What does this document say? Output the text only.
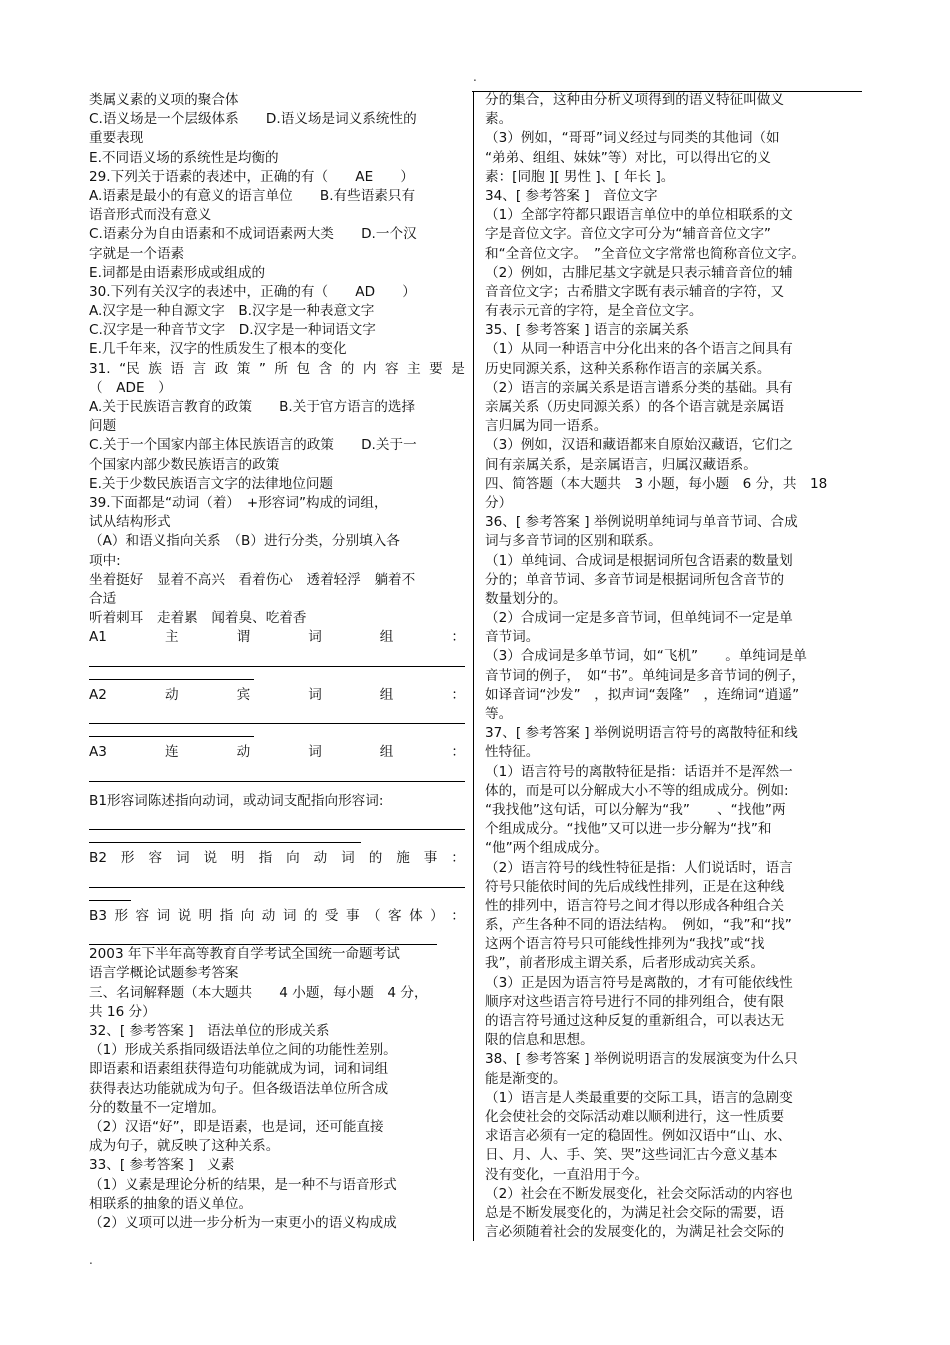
.
类属义素的义项的聚合体
C.语义场是一个层级体系　　D.语义场是词义系统性的
重要表现
E.不同语义场的系统性是均衡的
29.下列关于语素的表述中，正确的有（　　AE　　）
A.语素是最小的有意义的语言单位　　B.有些语素只有
语音形式而没有意义
C.语素分为自由语素和不成词语素两大类　　D.一个汉
字就是一个语素
E.词都是由语素形成或组成的
30.下列有关汉字的表述中，正确的有（　　AD　　）
A.汉字是一种自源文字　B.汉字是一种表意文字
C.汉字是一种音节文字　D.汉字是一种词语文字
E.几千年来，汉字的性质发生了根本的变化
31. “民 族 语 言 政 策 ” 所 包 含 的 内 容 主 要 是
（　ADE　）
A.关于民族语言教育的政策　　B.关于官方语言的选择
问题
C.关于一个国家内部主体民族语言的政策　　D.关于一
个国家内部少数民族语言的政策
E.关于少数民族语言文字的法律地位问题
39.下面都是“动词（着）　+形容词”构成的词组，
试从结构形式
（A）和语义指向关系　（B）进行分类，分别填入各
项中:
坐着挺好　显着不高兴　看着伤心　透着轻浮　躺着不
合适
听着刺耳　走着累　闻着臭、吃着香
A1	主	谓	词	组	：
A2	动	宾	词	组	：
A3	连	动	词	组	：
B1形容词陈述指向动词，或动词支配指向形容词:
B2 形 容 词 说 明 指 向 动 词 的 施 事 ：
B3 形 容 词 说 明 指 向 动 词 的 受 事 （ 客 体 ） ：
2003 年下半年高等教育自学考试全国统一命题考试
语言学概论试题参考答案
三、名词解释题（本大题共　　4 小题，每小题　4 分，
共 16 分）
32、[ 参考答案 ]　语法单位的形成关系
（1）形成关系指同级语法单位之间的功能性差别。
即语素和语素组获得造句功能就成为词，词和词组
获得表达功能就成为句子。但各级语法单位所含成
分的数量不一定增加。
（2）汉语“好”，即是语素，也是词，还可能直接
成为句子，就反映了这种关系。
33、[ 参考答案 ]　义素
（1）义素是理论分析的结果，是一种不与语音形式
相联系的抽象的语义单位。
（2）义项可以进一步分析为一束更小的语义构成成
分的集合，这种由分析义项得到的语义特征叫做义
素。
（3）例如，“哥哥”词义经过与同类的其他词（如
“弟弟、组组、妹妹”等）对比，可以得出它的义
素：[同胞 ][ 男性 ]、[ 年长 ]。
34、[ 参考答案 ]　音位文字
（1）全部字符都只跟语言单位中的单位相联系的文
字是音位文字。音位文字可分为“辅音音位文字”
和“全音位文字。　”全音位文字常常也简称音位文字。
（2）例如，古腓尼基文字就是只表示辅音音位的辅
音音位文字；古希腊文字既有表示辅音的字符，又
有表示元音的字符，是全音位文字。
35、[ 参考答案 ] 语言的亲属关系
（1）从同一种语言中分化出来的各个语言之间具有
历史同源关系，这种关系称作语言的亲属关系。
（2）语言的亲属关系是语言谱系分类的基础。具有
亲属关系（历史同源关系）的各个语言就是亲属语
言归属为同一语系。
（3）例如，汉语和藏语都来自原始汉藏语，它们之
间有亲属关系，是亲属语言，归属汉藏语系。
四、简答题（本大题共　3 小题，每小题　6 分，共　18
分）
36、[ 参考答案 ] 举例说明单纯词与单音节词、合成
词与多音节词的区别和联系。
（1）单纯词、合成词是根据词所包含语素的数量划
分的；单音节词、多音节词是根据词所包含音节的
数量划分的。
（2）合成词一定是多音节词，但单纯词不一定是单
音节词。
（3）合成词是多单节词，如“飞机”　　。单纯词是单
音节词的例子，　如“书”。单纯词是多音节词的例子，
如译音词“沙发”　，拟声词“轰隆”　，连绵词“逍遥”
等。
37、[ 参考答案 ] 举例说明语言符号的离散特征和线
性特征。
（1）语言符号的离散特征是指：话语并不是浑然一
体的，而是可以分解成大小不等的组成成分。例如:
“我找他”这句话，可以分解为“我”　　、“找他”两
个组成成分。“找他”又可以进一步分解为“找”和
“他”两个组成成分。
（2）语言符号的线性特征是指：人们说话时，语言
符号只能依时间的先后成线性排列，正是在这种线
性的排列中，语言符号之间才得以形成各种组合关
系，产生各种不同的语法结构。　例如，“我”和“找”
这两个语言符号只可能线性排列为“我找”或“找
我”，前者形成主谓关系，后者形成动宾关系。
（3）正是因为语言符号是离散的，才有可能依线性
顺序对这些语言符号进行不同的排列组合，使有限
的语言符号通过这种反复的重新组合，可以表达无
限的信息和思想。
38、[ 参考答案 ] 举例说明语言的发展演变为什么只
能是渐变的。
（1）语言是人类最重要的交际工具，语言的急剧变
化会使社会的交际活动难以顺利进行，这一性质要
求语言必须有一定的稳固性。例如汉语中“山、水、
日、月、人、手、笑、哭”这些词汇古今意义基本
没有变化，一直沿用于今。
（2）社会在不断发展变化，社会交际活动的内容也
总是不断发展变化的，为满足社会交际的需要，语
言必须随着社会的发展变化的，为满足社会交际的
.
